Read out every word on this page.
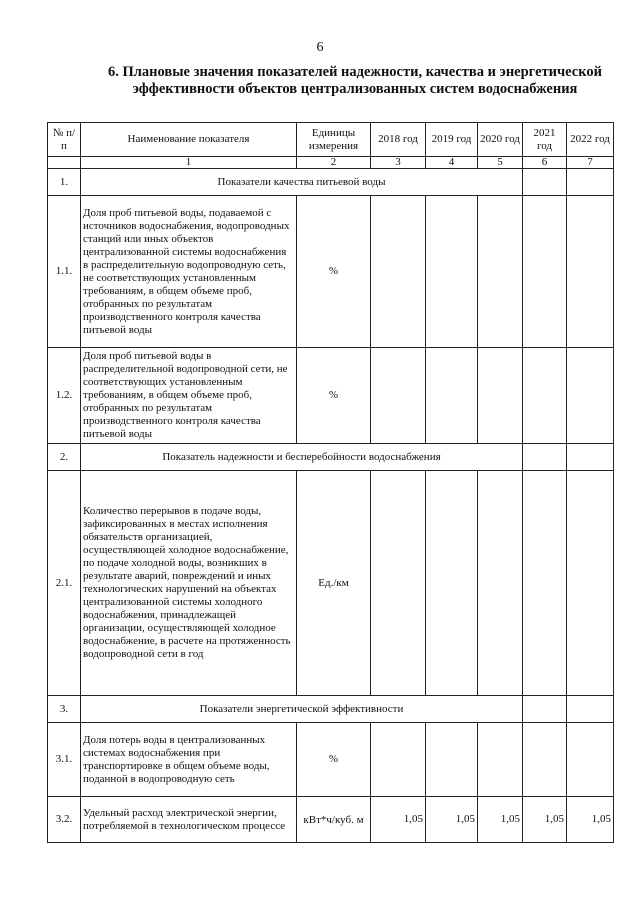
6
6. Плановые значения показателей надежности, качества и энергетической эффективности объектов централизованных систем водоснабжения
№ п/п	Наименование показателя	Единицы измерения	2018 год	2019 год	2020 год	2021 год	2022 год
	1	2	3	4	5	6	7
1.	Показатели качества питьевой воды						
1.1.	Доля проб питьевой воды, подаваемой с источников водоснабжения, водопроводных станций или иных объектов централизованной системы водоснабжения в распределительную водопроводную сеть, не соответствующих установленным требованиям, в общем объеме проб, отобранных по результатам производственного контроля качества питьевой воды	%					
1.2.	Доля проб питьевой воды в распределительной водопроводной сети, не соответствующих установленным требованиям, в общем объеме проб, отобранных по результатам производственного контроля качества питьевой воды	%					
2.	Показатель надежности и бесперебойности водоснабжения						
2.1.	Количество перерывов в подаче воды, зафиксированных в местах исполнения обязательств организацией, осуществляющей холодное водоснабжение, по подаче холодной воды, возникших в результате аварий, повреждений и иных технологических нарушений на объектах централизованной системы холодного водоснабжения, принадлежащей организации, осуществляющей холодное водоснабжение, в расчете на протяженность водопроводной сети в год	Ед./км					
3.	Показатели энергетической эффективности						
3.1.	Доля потерь воды в централизованных системах водоснабжения при транспортировке в общем объеме воды, поданной в водопроводную сеть	%					
3.2.	Удельный расход электрической энергии, потребляемой в технологическом процессе	кВт*ч/куб. м	1,05	1,05	1,05	1,05	1,05
